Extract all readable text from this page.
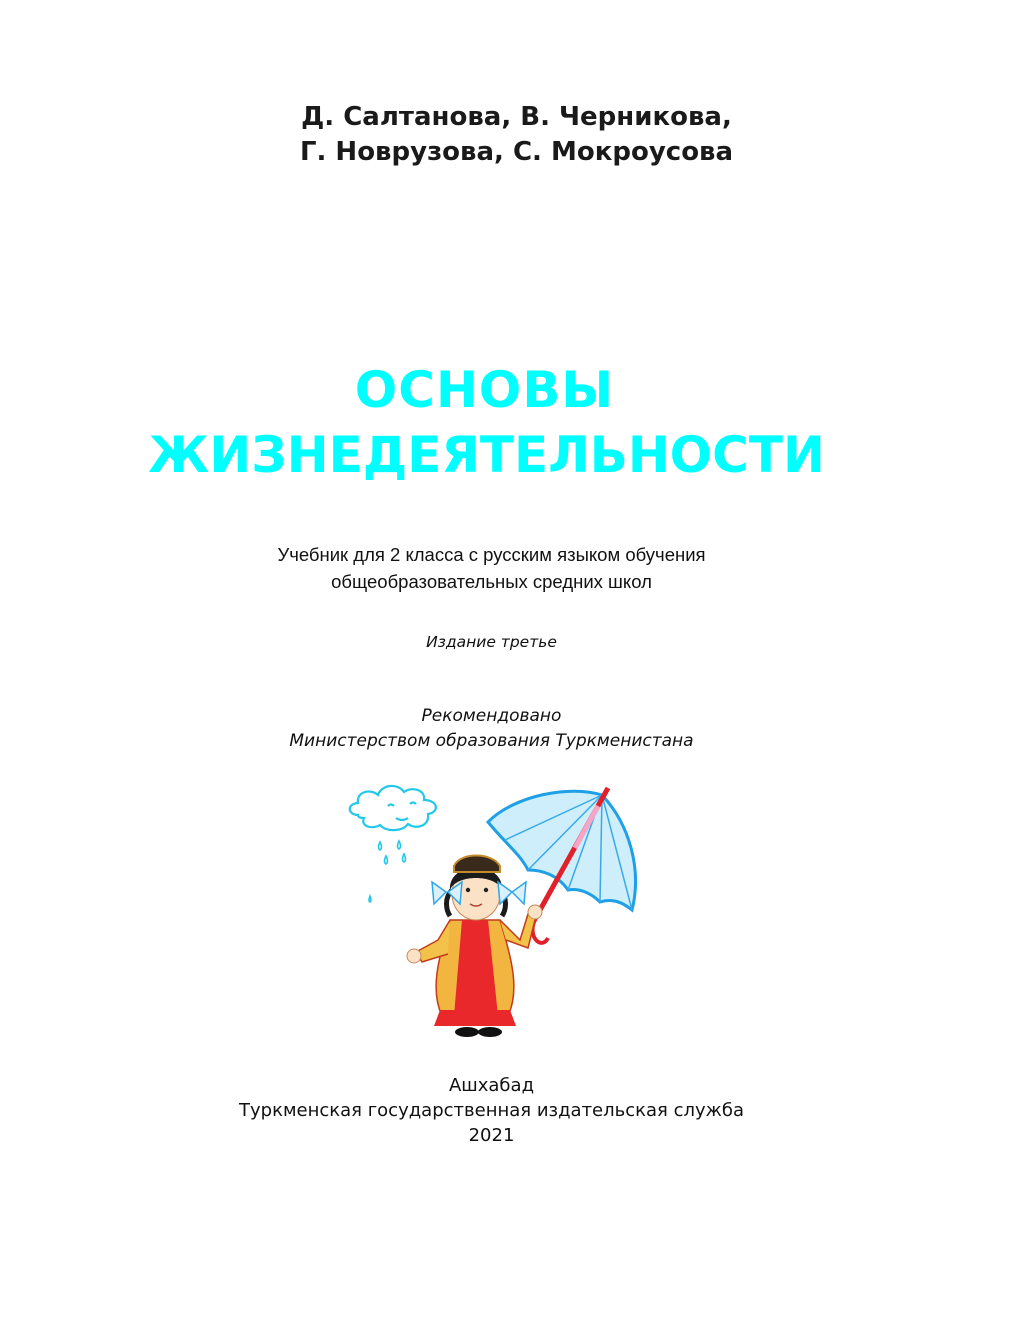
Д. Салтанова, В. Черникова,
Г. Новрузова, С. Мокроусова
ОСНОВЫ
ЖИЗНЕДЕЯТЕЛЬНОСТИ
Учебник для 2 класса с русским языком обучения
общеобразовательных средних школ
Издание третье
Рекомендовано
Министерством образования Туркменистана
Ашхабад
Туркменская государственная издательская служба
2021
